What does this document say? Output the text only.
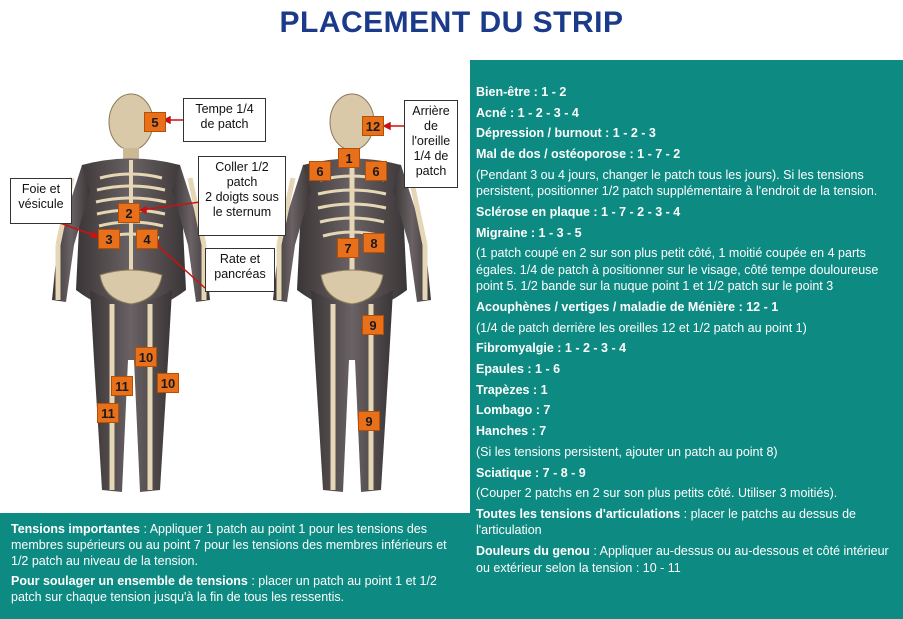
PLACEMENT DU STRIP
5
2
3	4
10
11	10
11
12
1
6	6
7	8
9
9
Tempe 1/4
de patch
Coller 1/2
patch
2 doigts sous
le sternum
Foie et
vésicule
Rate et
pancréas
Arrière
de
l'oreille
1/4 de
patch
Bien-être : 1 - 2
Acné : 1 - 2 - 3 - 4
Dépression / burnout : 1 - 2 - 3
Mal de dos / ostéoporose : 1 - 7 - 2
(Pendant 3 ou 4 jours, changer le patch tous les jours). Si les tensions persistent, positionner 1/2 patch supplémentaire à l'endroit de la tension.
Sclérose en plaque : 1 - 7 - 2 - 3 - 4
Migraine : 1 - 3 - 5
(1 patch coupé en 2 sur son plus petit côté, 1 moitié coupée en 4 parts égales. 1/4 de patch à positionner sur le visage, côté tempe douloureuse point 5. 1/2 bande sur la nuque point 1 et 1/2 patch sur le point 3
Acouphènes / vertiges / maladie de Ménière : 12 - 1
(1/4 de patch derrière les oreilles 12 et 1/2 patch au point 1)
Fibromyalgie : 1 - 2 - 3 - 4
Epaules : 1 - 6
Trapèzes : 1
Lombago : 7
Hanches : 7
(Si les tensions persistent, ajouter un patch au point 8)
Sciatique : 7 - 8 - 9
(Couper 2 patchs en 2 sur son plus petits côté. Utiliser 3 moitiés).
Toutes les tensions d'articulations : placer le patchs au dessus de l'articulation
Douleurs du genou : Appliquer au-dessus ou au-dessous et côté intérieur ou extérieur selon la tension : 10 - 11
Tensions importantes : Appliquer 1 patch au point 1 pour les tensions des membres supérieurs ou au point 7 pour les tensions des membres inférieurs et 1/2 patch au niveau de la tension.
Pour soulager un ensemble de tensions : placer un patch au point 1 et 1/2 patch sur chaque tension jusqu'à la fin de tous les ressentis.
